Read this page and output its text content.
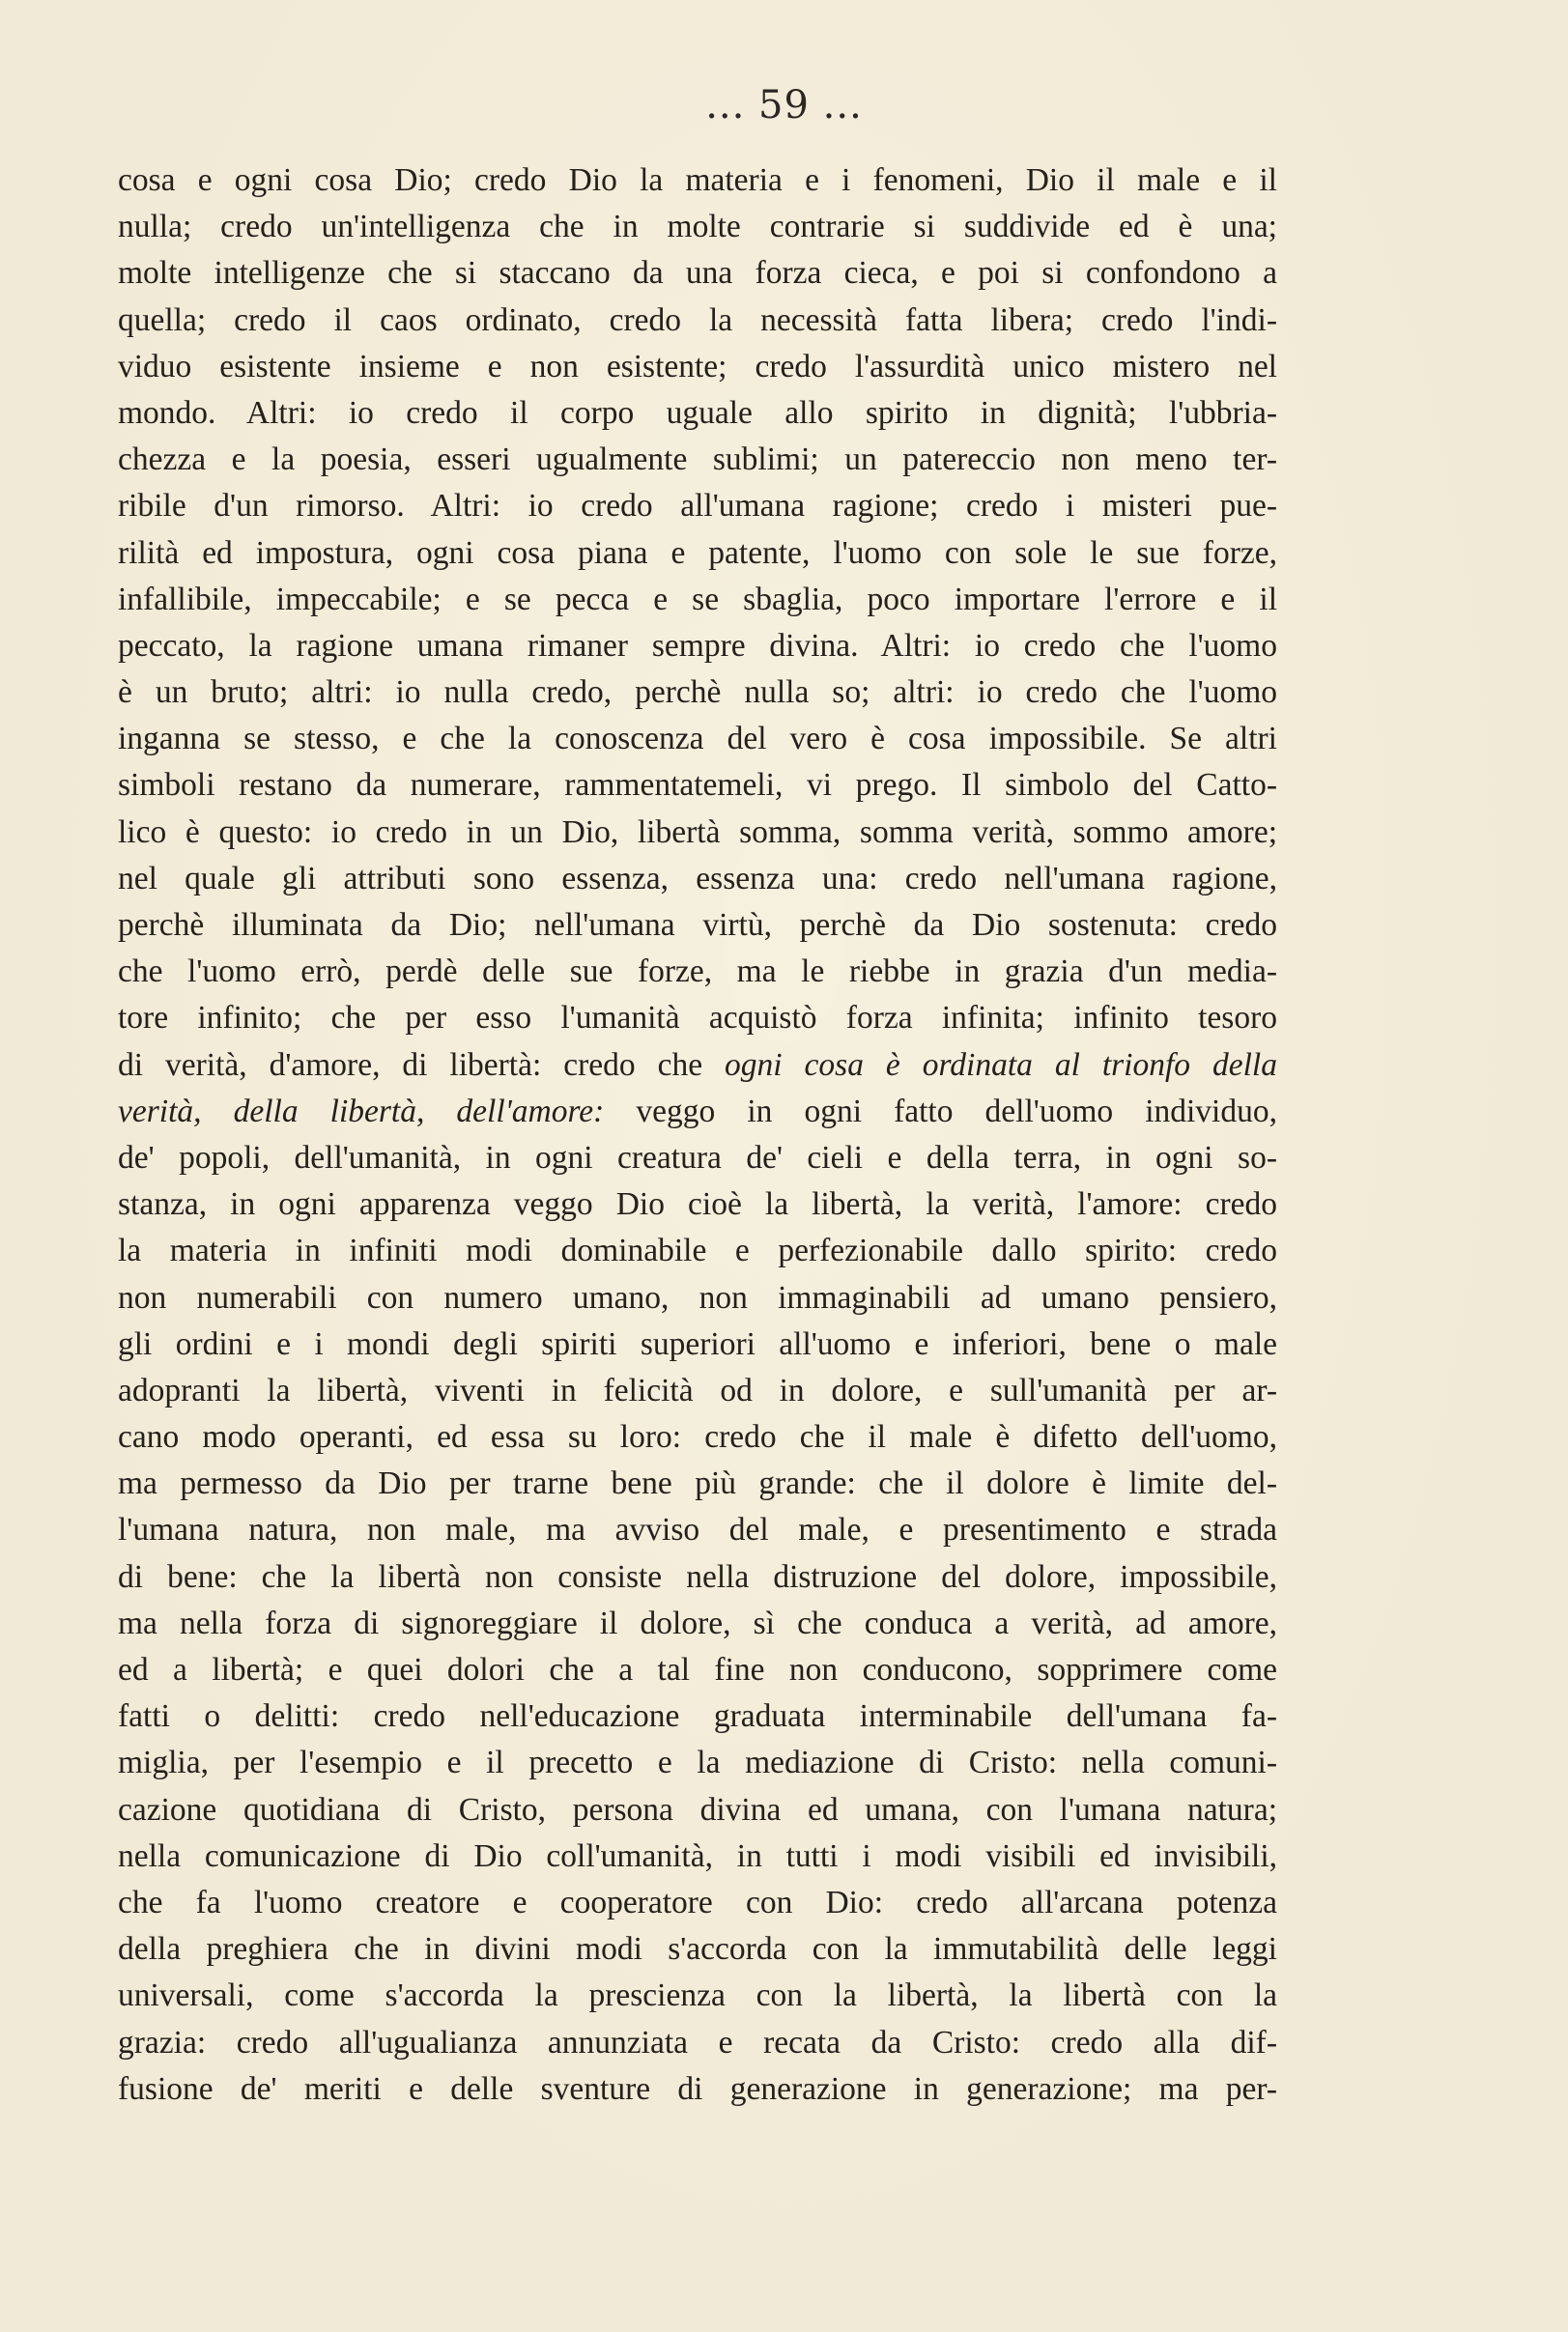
... 59 ...
cosa e ogni cosa Dio; credo Dio la materia e i fenomeni, Dio il male e il
nulla; credo un'intelligenza che in molte contrarie si suddivide ed è una;
molte intelligenze che si staccano da una forza cieca, e poi si confondono a
quella; credo il caos ordinato, credo la necessità fatta libera; credo l'indi-
viduo esistente insieme e non esistente; credo l'assurdità unico mistero nel
mondo. Altri: io credo il corpo uguale allo spirito in dignità; l'ubbria-
chezza e la poesia, esseri ugualmente sublimi; un patereccio non meno ter-
ribile d'un rimorso. Altri: io credo all'umana ragione; credo i misteri pue-
rilità ed impostura, ogni cosa piana e patente, l'uomo con sole le sue forze,
infallibile, impeccabile; e se pecca e se sbaglia, poco importare l'errore e il
peccato, la ragione umana rimaner sempre divina. Altri: io credo che l'uomo
è un bruto; altri: io nulla credo, perchè nulla so; altri: io credo che l'uomo
inganna se stesso, e che la conoscenza del vero è cosa impossibile. Se altri
simboli restano da numerare, rammentatemeli, vi prego. Il simbolo del Catto-
lico è questo: io credo in un Dio, libertà somma, somma verità, sommo amore;
nel quale gli attributi sono essenza, essenza una: credo nell'umana ragione,
perchè illuminata da Dio; nell'umana virtù, perchè da Dio sostenuta: credo
che l'uomo errò, perdè delle sue forze, ma le riebbe in grazia d'un media-
tore infinito; che per esso l'umanità acquistò forza infinita; infinito tesoro
di verità, d'amore, di libertà: credo che ogni cosa è ordinata al trionfo della
verità, della libertà, dell'amore: veggo in ogni fatto dell'uomo individuo,
de' popoli, dell'umanità, in ogni creatura de' cieli e della terra, in ogni so-
stanza, in ogni apparenza veggo Dio cioè la libertà, la verità, l'amore: credo
la materia in infiniti modi dominabile e perfezionabile dallo spirito: credo
non numerabili con numero umano, non immaginabili ad umano pensiero,
gli ordini e i mondi degli spiriti superiori all'uomo e inferiori, bene o male
adopranti la libertà, viventi in felicità od in dolore, e sull'umanità per ar-
cano modo operanti, ed essa su loro: credo che il male è difetto dell'uomo,
ma permesso da Dio per trarne bene più grande: che il dolore è limite del-
l'umana natura, non male, ma avviso del male, e presentimento e strada
di bene: che la libertà non consiste nella distruzione del dolore, impossibile,
ma nella forza di signoreggiare il dolore, sì che conduca a verità, ad amore,
ed a libertà; e quei dolori che a tal fine non conducono, sopprimere come
fatti o delitti: credo nell'educazione graduata interminabile dell'umana fa-
miglia, per l'esempio e il precetto e la mediazione di Cristo: nella comuni-
cazione quotidiana di Cristo, persona divina ed umana, con l'umana natura;
nella comunicazione di Dio coll'umanità, in tutti i modi visibili ed invisibili,
che fa l'uomo creatore e cooperatore con Dio: credo all'arcana potenza
della preghiera che in divini modi s'accorda con la immutabilità delle leggi
universali, come s'accorda la prescienza con la libertà, la libertà con la
grazia: credo all'ugualianza annunziata e recata da Cristo: credo alla dif-
fusione de' meriti e delle sventure di generazione in generazione; ma per-
